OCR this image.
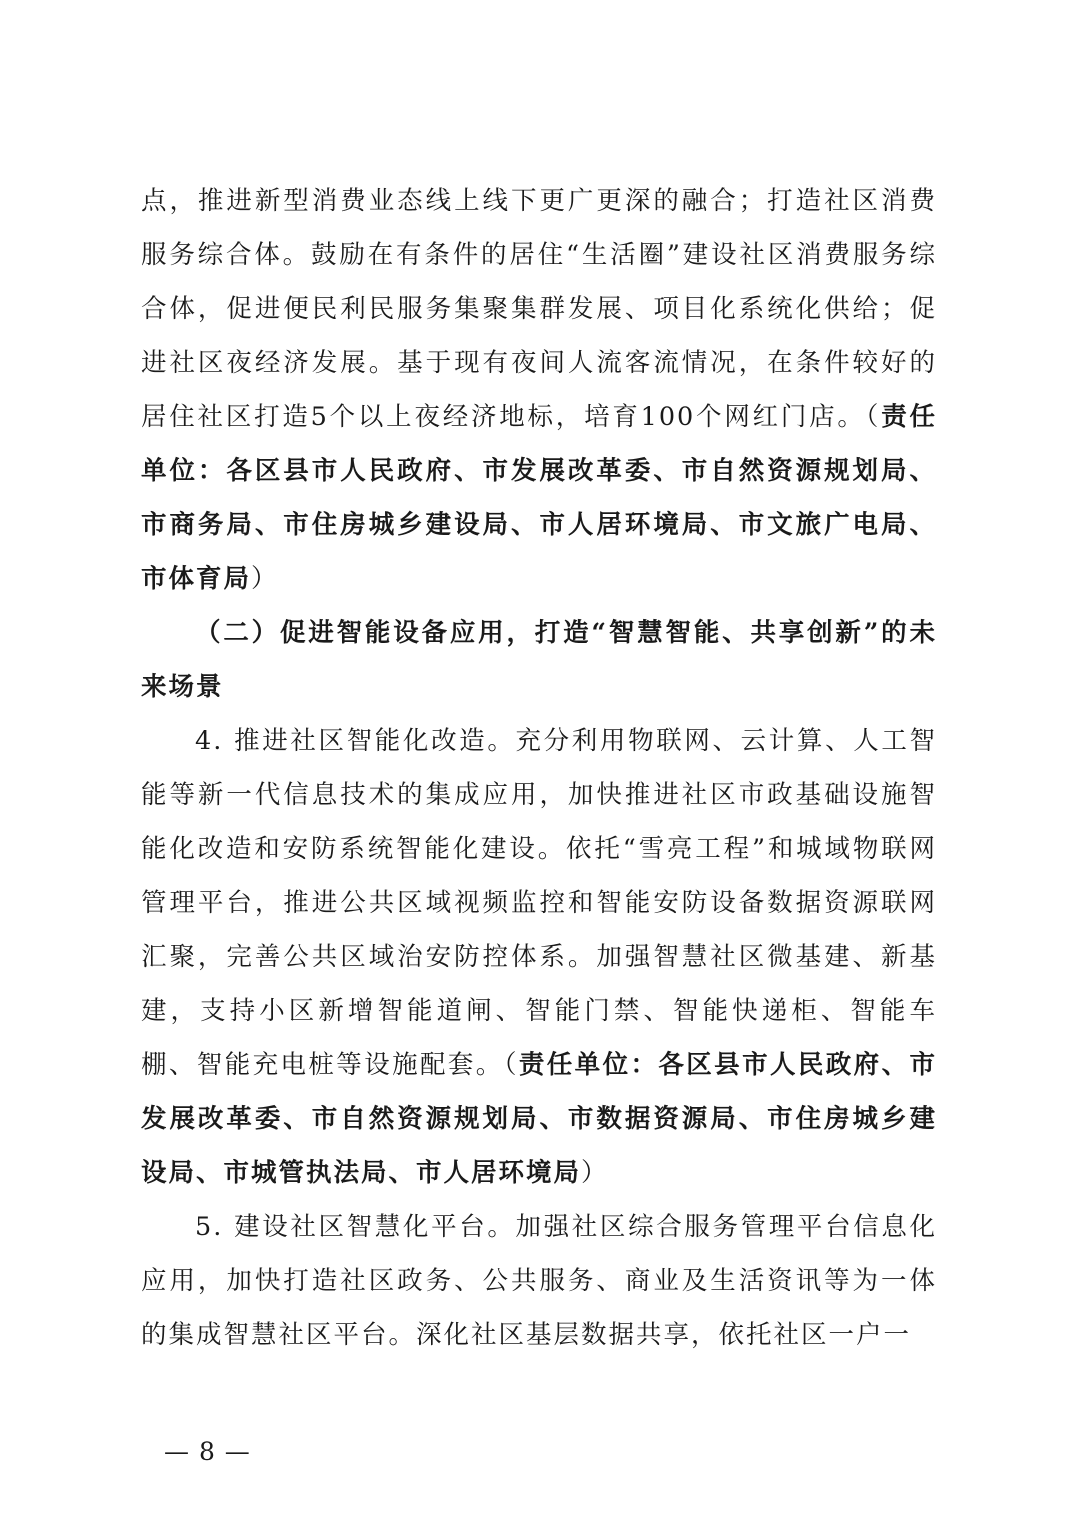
点，推进新型消费业态线上线下更广更深的融合；打造社区消费服务综合体。鼓励在有条件的居住“生活圈”建设社区消费服务综合体，促进便民利民服务集聚集群发展、项目化系统化供给；促进社区夜经济发展。基于现有夜间人流客流情况，在条件较好的居住社区打造5个以上夜经济地标，培育100个网红门店。（责任单位：各区县市人民政府、市发展改革委、市自然资源规划局、市商务局、市住房城乡建设局、市人居环境局、市文旅广电局、市体育局）

（二）促进智能设备应用，打造“智慧智能、共享创新”的未来场景

4. 推进社区智能化改造。充分利用物联网、云计算、人工智能等新一代信息技术的集成应用，加快推进社区市政基础设施智能化改造和安防系统智能化建设。依托“雪亮工程”和城域物联网管理平台，推进公共区域视频监控和智能安防设备数据资源联网汇聚，完善公共区域治安防控体系。加强智慧社区微基建、新基建，支持小区新增智能道闸、智能门禁、智能快递柜、智能车棚、智能充电桩等设施配套。（责任单位：各区县市人民政府、市发展改革委、市自然资源规划局、市数据资源局、市住房城乡建设局、市城管执法局、市人居环境局）

5. 建设社区智慧化平台。加强社区综合服务管理平台信息化应用，加快打造社区政务、公共服务、商业及生活资讯等为一体的集成智慧社区平台。深化社区基层数据共享，依托社区一户一

— 8 —
